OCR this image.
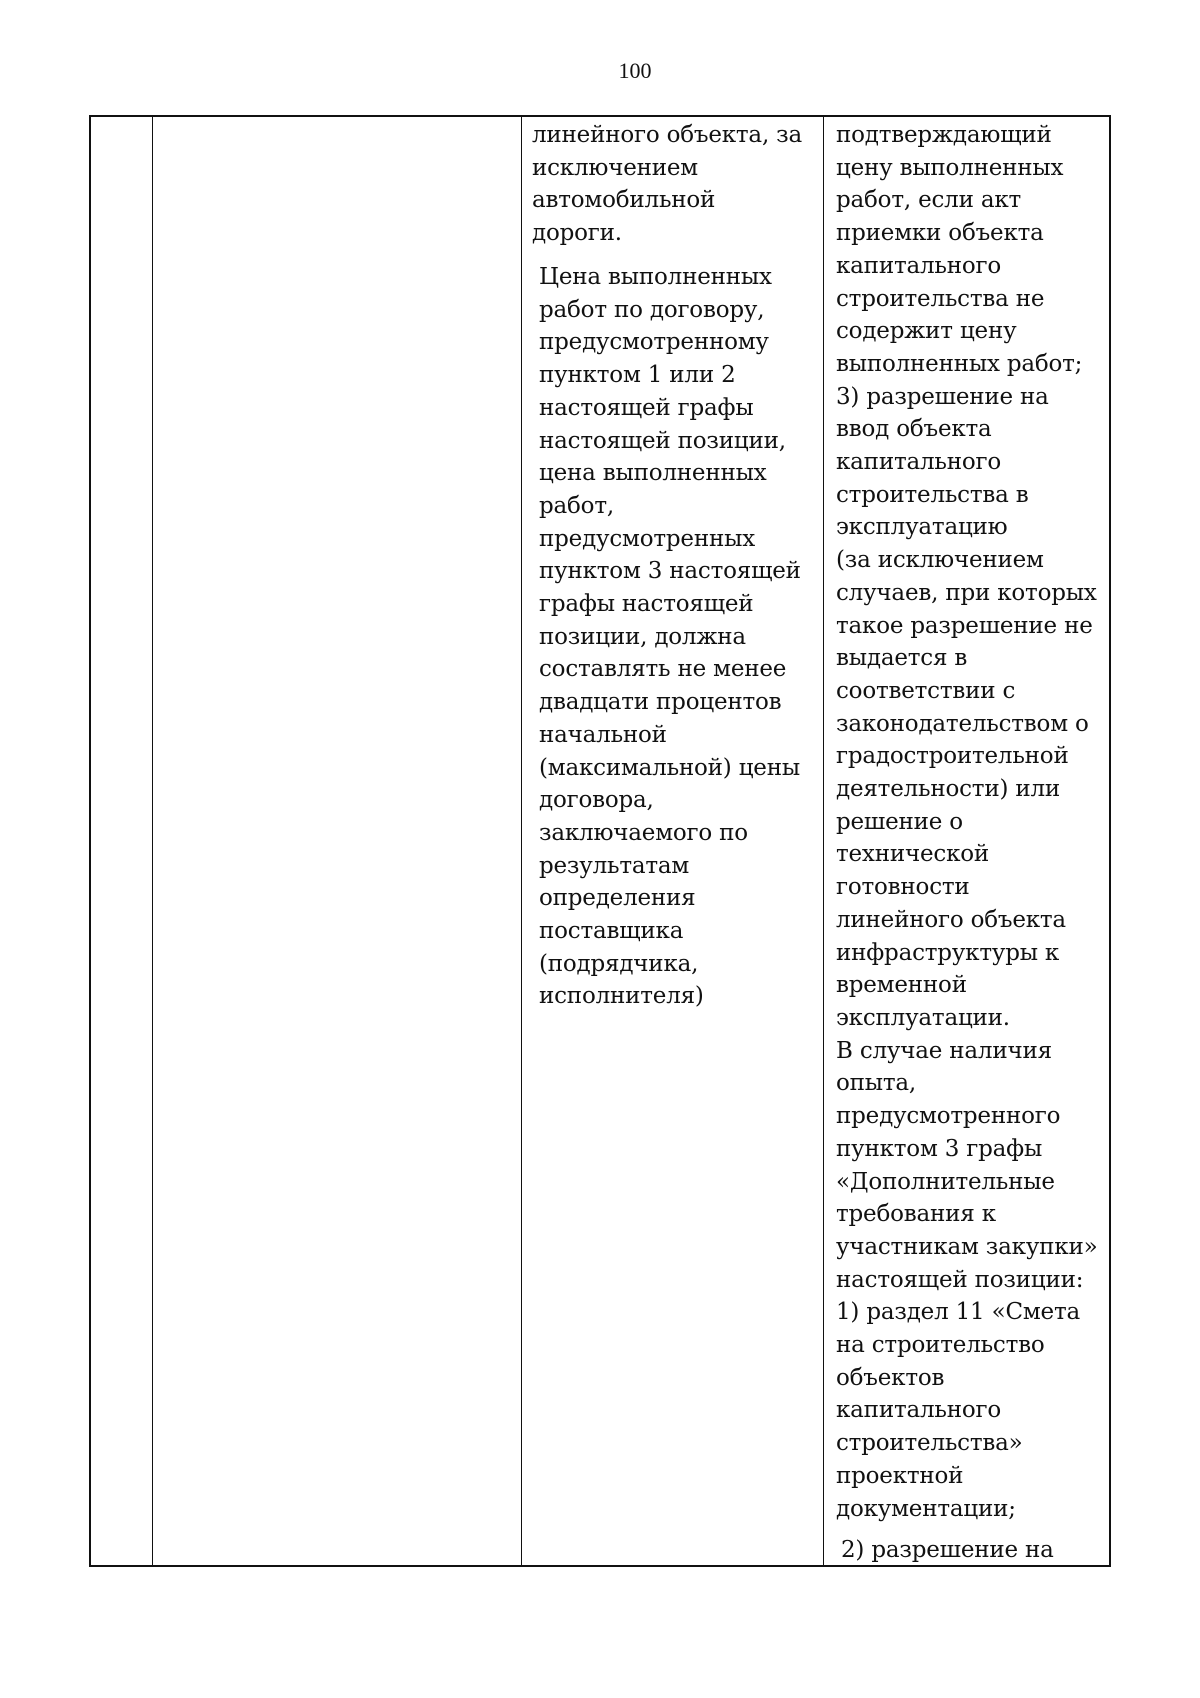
100
линейного объекта, за
исключением
автомобильной
дороги.
Цена выполненных
работ по договору,
предусмотренному
пунктом 1 или 2
настоящей графы
настоящей позиции,
цена выполненных
работ,
предусмотренных
пунктом 3 настоящей
графы настоящей
позиции, должна
составлять не менее
двадцати процентов
начальной
(максимальной) цены
договора,
заключаемого по
результатам
определения
поставщика
(подрядчика,
исполнителя)
подтверждающий
цену выполненных
работ, если акт
приемки объекта
капитального
строительства не
содержит цену
выполненных работ;
3) разрешение на
ввод объекта
капитального
строительства в
эксплуатацию
(за исключением
случаев, при которых
такое разрешение не
выдается в
соответствии с
законодательством о
градостроительной
деятельности) или
решение о
технической
готовности
линейного объекта
инфраструктуры к
временной
эксплуатации.
В случае наличия
опыта,
предусмотренного
пунктом 3 графы
«Дополнительные
требования к
участникам закупки»
настоящей позиции:
1) раздел 11 «Смета
на строительство
объектов
капитального
строительства»
проектной
документации;
2) разрешение на
